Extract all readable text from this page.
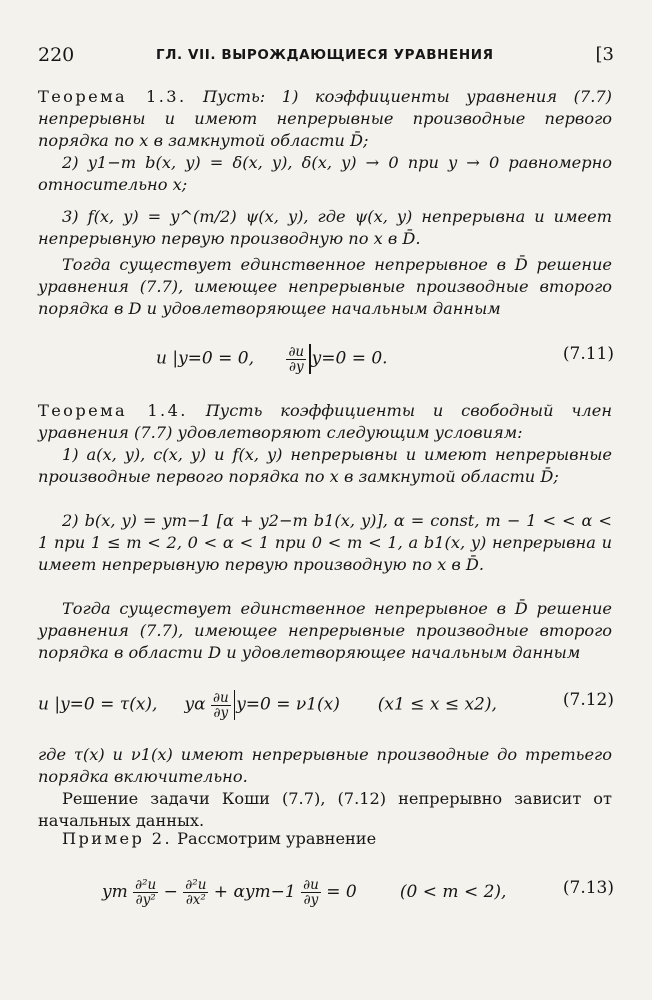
220	ГЛ. VII. ВЫРОЖДАЮЩИЕСЯ УРАВНЕНИЯ	[3
Теорема 1.3. Пусть: 1) коэффициенты уравнения (7.7) непрерывны и имеют непрерывные производные первого порядка по x в замкнутой области D̄;
2) y1−m b(x, y) = δ(x, y), δ(x, y) → 0 при y → 0 равномерно относительно x;
3) f(x, y) = y^(m/2) ψ(x, y), где ψ(x, y) непрерывна и имеет непрерывную первую производную по x в D̄.
Тогда существует единственное непрерывное в D̄ решение уравнения (7.7), имеющее непрерывные производные второго порядка в D и удовлетворяющее начальным данным
u |y=0 = 0, $\frac{\partial u}{\partial y} y=0 = 0$.	(7.11)
Теорема 1.4. Пусть коэффициенты и свободный член уравнения (7.7) удовлетворяют следующим условиям:
1) a(x, y), c(x, y) и f(x, y) непрерывны и имеют непрерывные производные первого порядка по x в замкнутой области D̄;
2) b(x, y) = ym−1 [α + y2−m b1(x, y)], α = const, m − 1 < < α < 1 при 1 ≤ m < 2, 0 < α < 1 при 0 < m < 1, а b1(x, y) непрерывна и имеет непрерывную первую производную по x в D̄.
Тогда существует единственное непрерывное в D̄ решение уравнения (7.7), имеющее непрерывные производные второго порядка в области D и удовлетворяющее начальным данным
u |y=0 = τ(x), yα $\frac{\partial u}{\partial y} y=0 = \nu 1(x) (x1 \le x \le x2)$,	(7.12)
где τ(x) и ν1(x) имеют непрерывные производные до третьего порядка включительно.
Решение задачи Коши (7.7), (7.12) непрерывно зависит от начальных данных.
Пример 2. Рассмотрим уравнение
ym $\frac{\text{∂²u}}{\text{∂y²}} - \frac{\text{∂²u}}{\text{∂x²}} + \alpha ym-1 \frac{\partial u}{\partial y} = 0$	(0 < m < 2),	(7.13)
